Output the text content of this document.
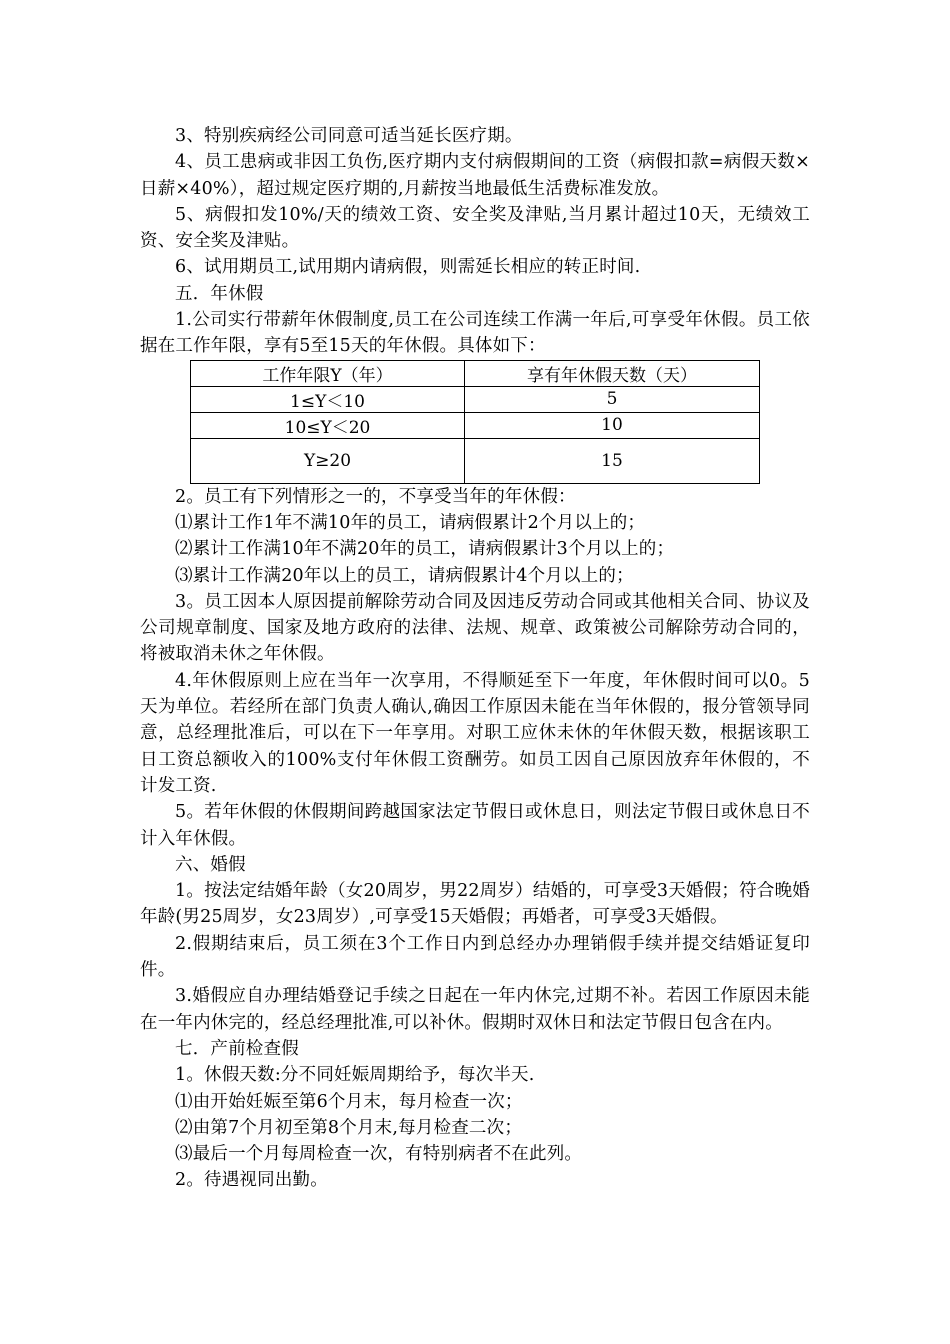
3、特别疾病经公司同意可适当延长医疗期。

4、员工患病或非因工负伤,医疗期内支付病假期间的工资（病假扣款=病假天数×日薪×40%），超过规定医疗期的,月薪按当地最低生活费标准发放。

5、病假扣发10%/天的绩效工资、安全奖及津贴,当月累计超过10天，无绩效工资、安全奖及津贴。

6、试用期员工,试用期内请病假，则需延长相应的转正时间.

五．年休假

1.公司实行带薪年休假制度,员工在公司连续工作满一年后,可享受年休假。员工依据在工作年限，享有5至15天的年休假。具体如下：

工作年限Y（年）	享有年休假天数（天）
1≤Y＜10	5
10≤Y＜20	10
Y≥20	15

2。员工有下列情形之一的，不享受当年的年休假：

⑴累计工作1年不满10年的员工，请病假累计2个月以上的；

⑵累计工作满10年不满20年的员工，请病假累计3个月以上的；

⑶累计工作满20年以上的员工，请病假累计4个月以上的；

3。员工因本人原因提前解除劳动合同及因违反劳动合同或其他相关合同、协议及公司规章制度、国家及地方政府的法律、法规、规章、政策被公司解除劳动合同的，将被取消未休之年休假。

4.年休假原则上应在当年一次享用，不得顺延至下一年度，年休假时间可以0。5天为单位。若经所在部门负责人确认,确因工作原因未能在当年休假的，报分管领导同意，总经理批准后，可以在下一年享用。对职工应休未休的年休假天数，根据该职工日工资总额收入的100%支付年休假工资酬劳。如员工因自己原因放弃年休假的，不计发工资.

5。若年休假的休假期间跨越国家法定节假日或休息日，则法定节假日或休息日不计入年休假。

六、婚假

1。按法定结婚年龄（女20周岁，男22周岁）结婚的，可享受3天婚假；符合晚婚年龄(男25周岁，女23周岁）,可享受15天婚假；再婚者，可享受3天婚假。

2.假期结束后，员工须在3个工作日内到总经办办理销假手续并提交结婚证复印件。

3.婚假应自办理结婚登记手续之日起在一年内休完,过期不补。若因工作原因未能在一年内休完的，经总经理批准,可以补休。假期时双休日和法定节假日包含在内。

七．产前检查假

1。休假天数:分不同妊娠周期给予，每次半天.

⑴由开始妊娠至第6个月末，每月检查一次；

⑵由第7个月初至第8个月末,每月检查二次；

⑶最后一个月每周检查一次，有特别病者不在此列。

2。待遇视同出勤。
